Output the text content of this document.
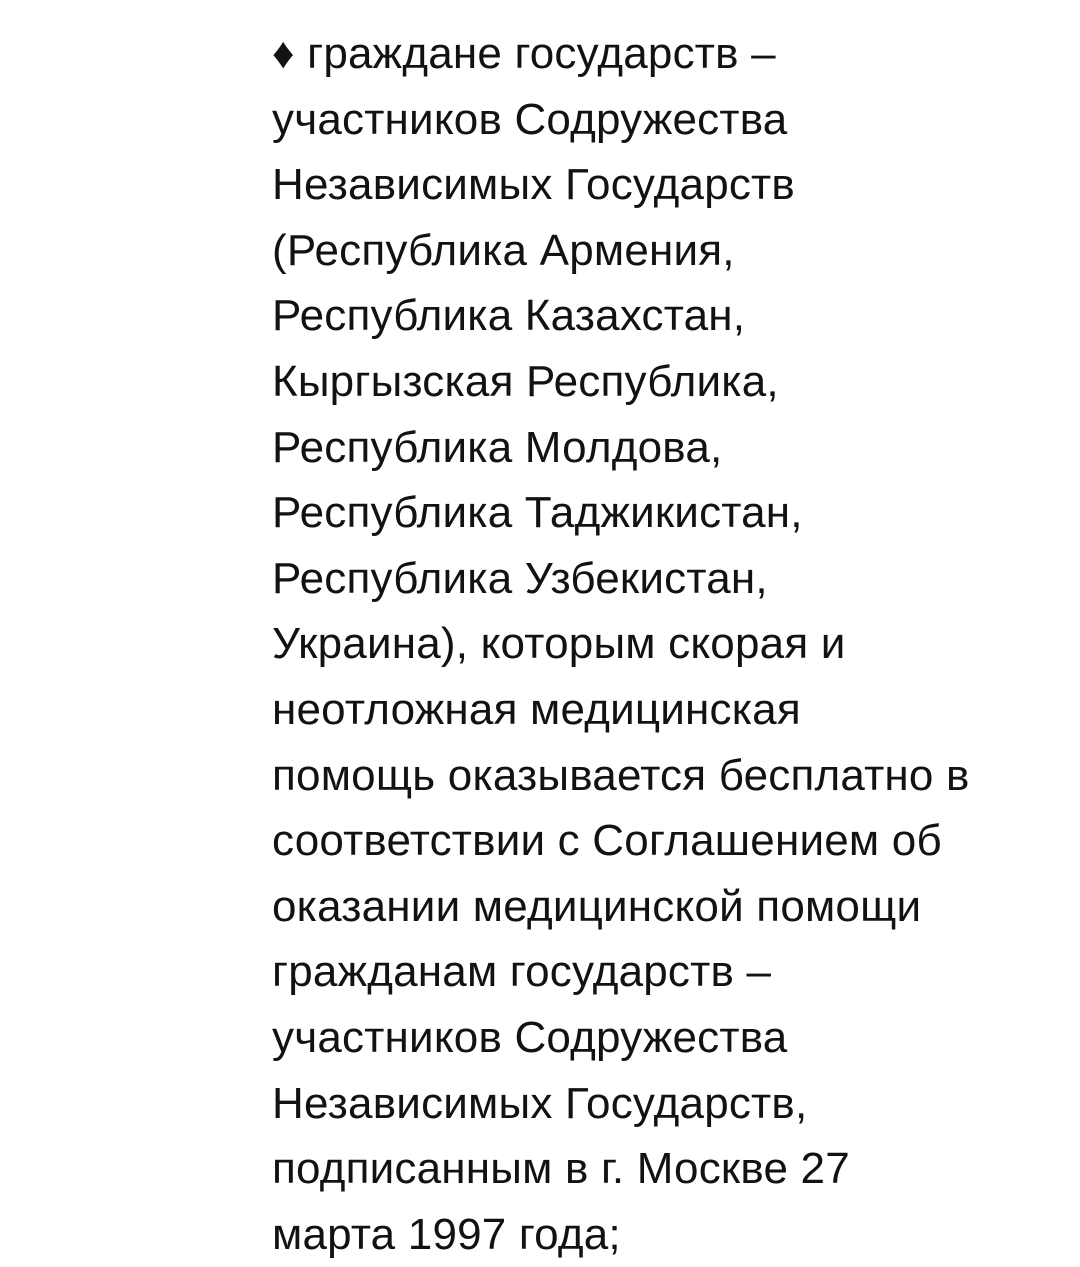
♦ граждане государств –
участников Содружества
Независимых Государств
(Республика Армения,
Республика Казахстан,
Кыргызская Республика,
Республика Молдова,
Республика Таджикистан,
Республика Узбекистан,
Украина), которым скорая и
неотложная медицинская
помощь оказывается бесплатно в
соответствии с Соглашением об
оказании медицинской помощи
гражданам государств –
участников Содружества
Независимых Государств,
подписанным в г. Москве 27
марта 1997 года;
